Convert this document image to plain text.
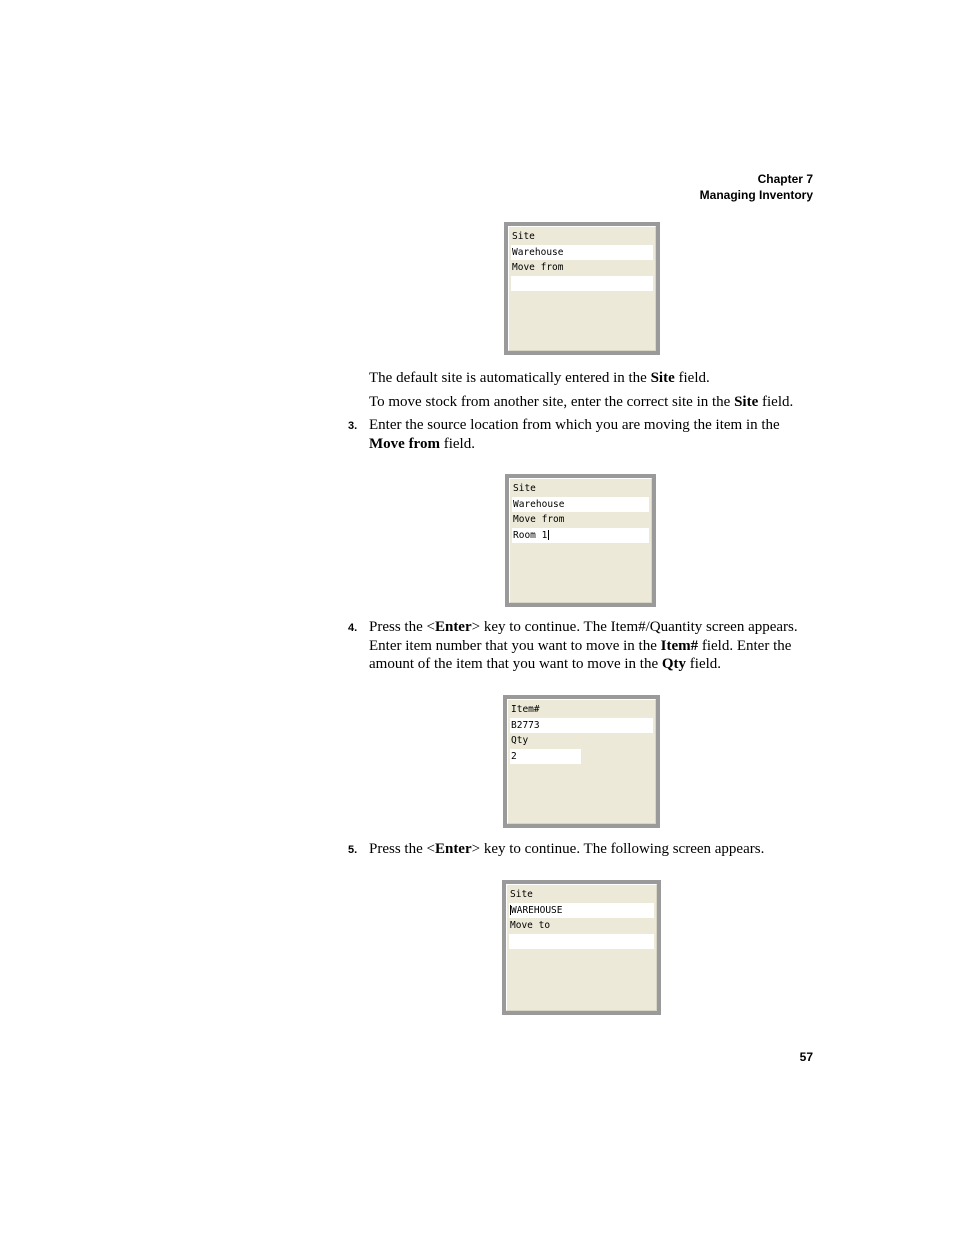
Chapter 7
Managing Inventory
Site
Warehouse
Move from
The default site is automatically entered in the Site field.
To move stock from another site, enter the correct site in the Site field.
3. Enter the source location from which you are moving the item in the Move from field.
Site
Warehouse
Move from
Room 1
4. Press the <Enter> key to continue. The Item#/Quantity screen appears. Enter item number that you want to move in the Item# field. Enter the amount of the item that you want to move in the Qty field.
Item#
B2773
Qty
2
5. Press the <Enter> key to continue. The following screen appears.
Site
WAREHOUSE
Move to
57
